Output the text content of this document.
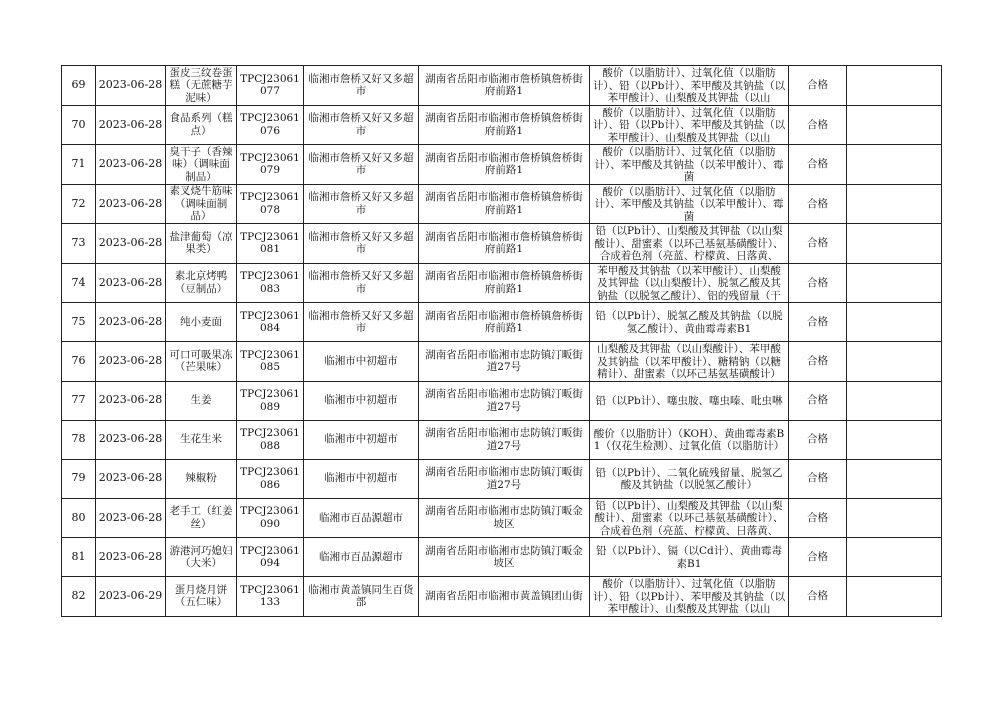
69	2023-06-28	蛋皮三纹卷蛋糕（无蔗糖芋泥味）	TPCJ23061077	临湘市詹桥又好又多超市	湖南省岳阳市临湘市詹桥镇詹桥街府前路1	酸价（以脂肪计）、过氧化值（以脂肪计）、铅（以Pb计）、苯甲酸及其钠盐（以苯甲酸计）、山梨酸及其钾盐（以山	合格	

70	2023-06-28	食品系列（糕点）	TPCJ23061076	临湘市詹桥又好又多超市	湖南省岳阳市临湘市詹桥镇詹桥街府前路1	酸价（以脂肪计）、过氧化值（以脂肪计）、铅（以Pb计）、苯甲酸及其钠盐（以苯甲酸计）、山梨酸及其钾盐（以山	合格	

71	2023-06-28	臭干子（香辣味）（调味面制品）	TPCJ23061079	临湘市詹桥又好又多超市	湖南省岳阳市临湘市詹桥镇詹桥街府前路1	酸价（以脂肪计）、过氧化值（以脂肪计）、苯甲酸及其钠盐（以苯甲酸计）、霉菌	合格	

72	2023-06-28	素叉烧牛筋味（调味面制品）	TPCJ23061078	临湘市詹桥又好又多超市	湖南省岳阳市临湘市詹桥镇詹桥街府前路1	酸价（以脂肪计）、过氧化值（以脂肪计）、苯甲酸及其钠盐（以苯甲酸计）、霉菌	合格	

73	2023-06-28	盐津葡萄（凉果类）	TPCJ23061081	临湘市詹桥又好又多超市	湖南省岳阳市临湘市詹桥镇詹桥街府前路1	铅（以Pb计）、山梨酸及其钾盐（以山梨酸计）、甜蜜素（以环己基氨基磺酸计）、合成着色剂（亮蓝、柠檬黄、日落黄、	合格	

74	2023-06-28	素北京烤鸭（豆制品）	TPCJ23061083	临湘市詹桥又好又多超市	湖南省岳阳市临湘市詹桥镇詹桥街府前路1	苯甲酸及其钠盐（以苯甲酸计）、山梨酸及其钾盐（以山梨酸计）、脱氢乙酸及其钠盐（以脱氢乙酸计）、铝的残留量（干	合格	

75	2023-06-28	纯小麦面	TPCJ23061084	临湘市詹桥又好又多超市	湖南省岳阳市临湘市詹桥镇詹桥街府前路1	铅（以Pb计）、脱氢乙酸及其钠盐（以脱氢乙酸计）、黄曲霉毒素B1	合格	

76	2023-06-28	可口可吸果冻（芒果味）	TPCJ23061085	临湘市中初超市	湖南省岳阳市临湘市忠防镇汀畈街道27号	山梨酸及其钾盐（以山梨酸计）、苯甲酸及其钠盐（以苯甲酸计）、糖精钠（以糖精计）、甜蜜素（以环己基氨基磺酸计）	合格	

77	2023-06-28	生姜	TPCJ23061089	临湘市中初超市	湖南省岳阳市临湘市忠防镇汀畈街道27号	铅（以Pb计）、噻虫胺、噻虫嗪、吡虫啉	合格	

78	2023-06-28	生花生米	TPCJ23061088	临湘市中初超市	湖南省岳阳市临湘市忠防镇汀畈街道27号	酸价（以脂肪计）（KOH）、黄曲霉毒素B1（仅花生检测）、过氧化值（以脂肪计）	合格	

79	2023-06-28	辣椒粉	TPCJ23061086	临湘市中初超市	湖南省岳阳市临湘市忠防镇汀畈街道27号	铅（以Pb计）、二氧化硫残留量、脱氢乙酸及其钠盐（以脱氢乙酸计）	合格	

80	2023-06-28	老手工（红姜丝）	TPCJ23061090	临湘市百品源超市	湖南省岳阳市临湘市忠防镇汀畈金坡区	铅（以Pb计）、山梨酸及其钾盐（以山梨酸计）、甜蜜素（以环己基氨基磺酸计）、合成着色剂（亮蓝、柠檬黄、日落黄、	合格	

81	2023-06-28	游港河巧媳妇（大米）	TPCJ23061094	临湘市百品源超市	湖南省岳阳市临湘市忠防镇汀畈金坡区	铅（以Pb计）、镉（以Cd计）、黄曲霉毒素B1	合格	

82	2023-06-29	蛋月烧月饼（五仁味）	TPCJ23061133	临湘市黄盖镇同生百货部	湖南省岳阳市临湘市黄盖镇团山街	酸价（以脂肪计）、过氧化值（以脂肪计）、铅（以Pb计）、苯甲酸及其钠盐（以苯甲酸计）、山梨酸及其钾盐（以山	合格	
